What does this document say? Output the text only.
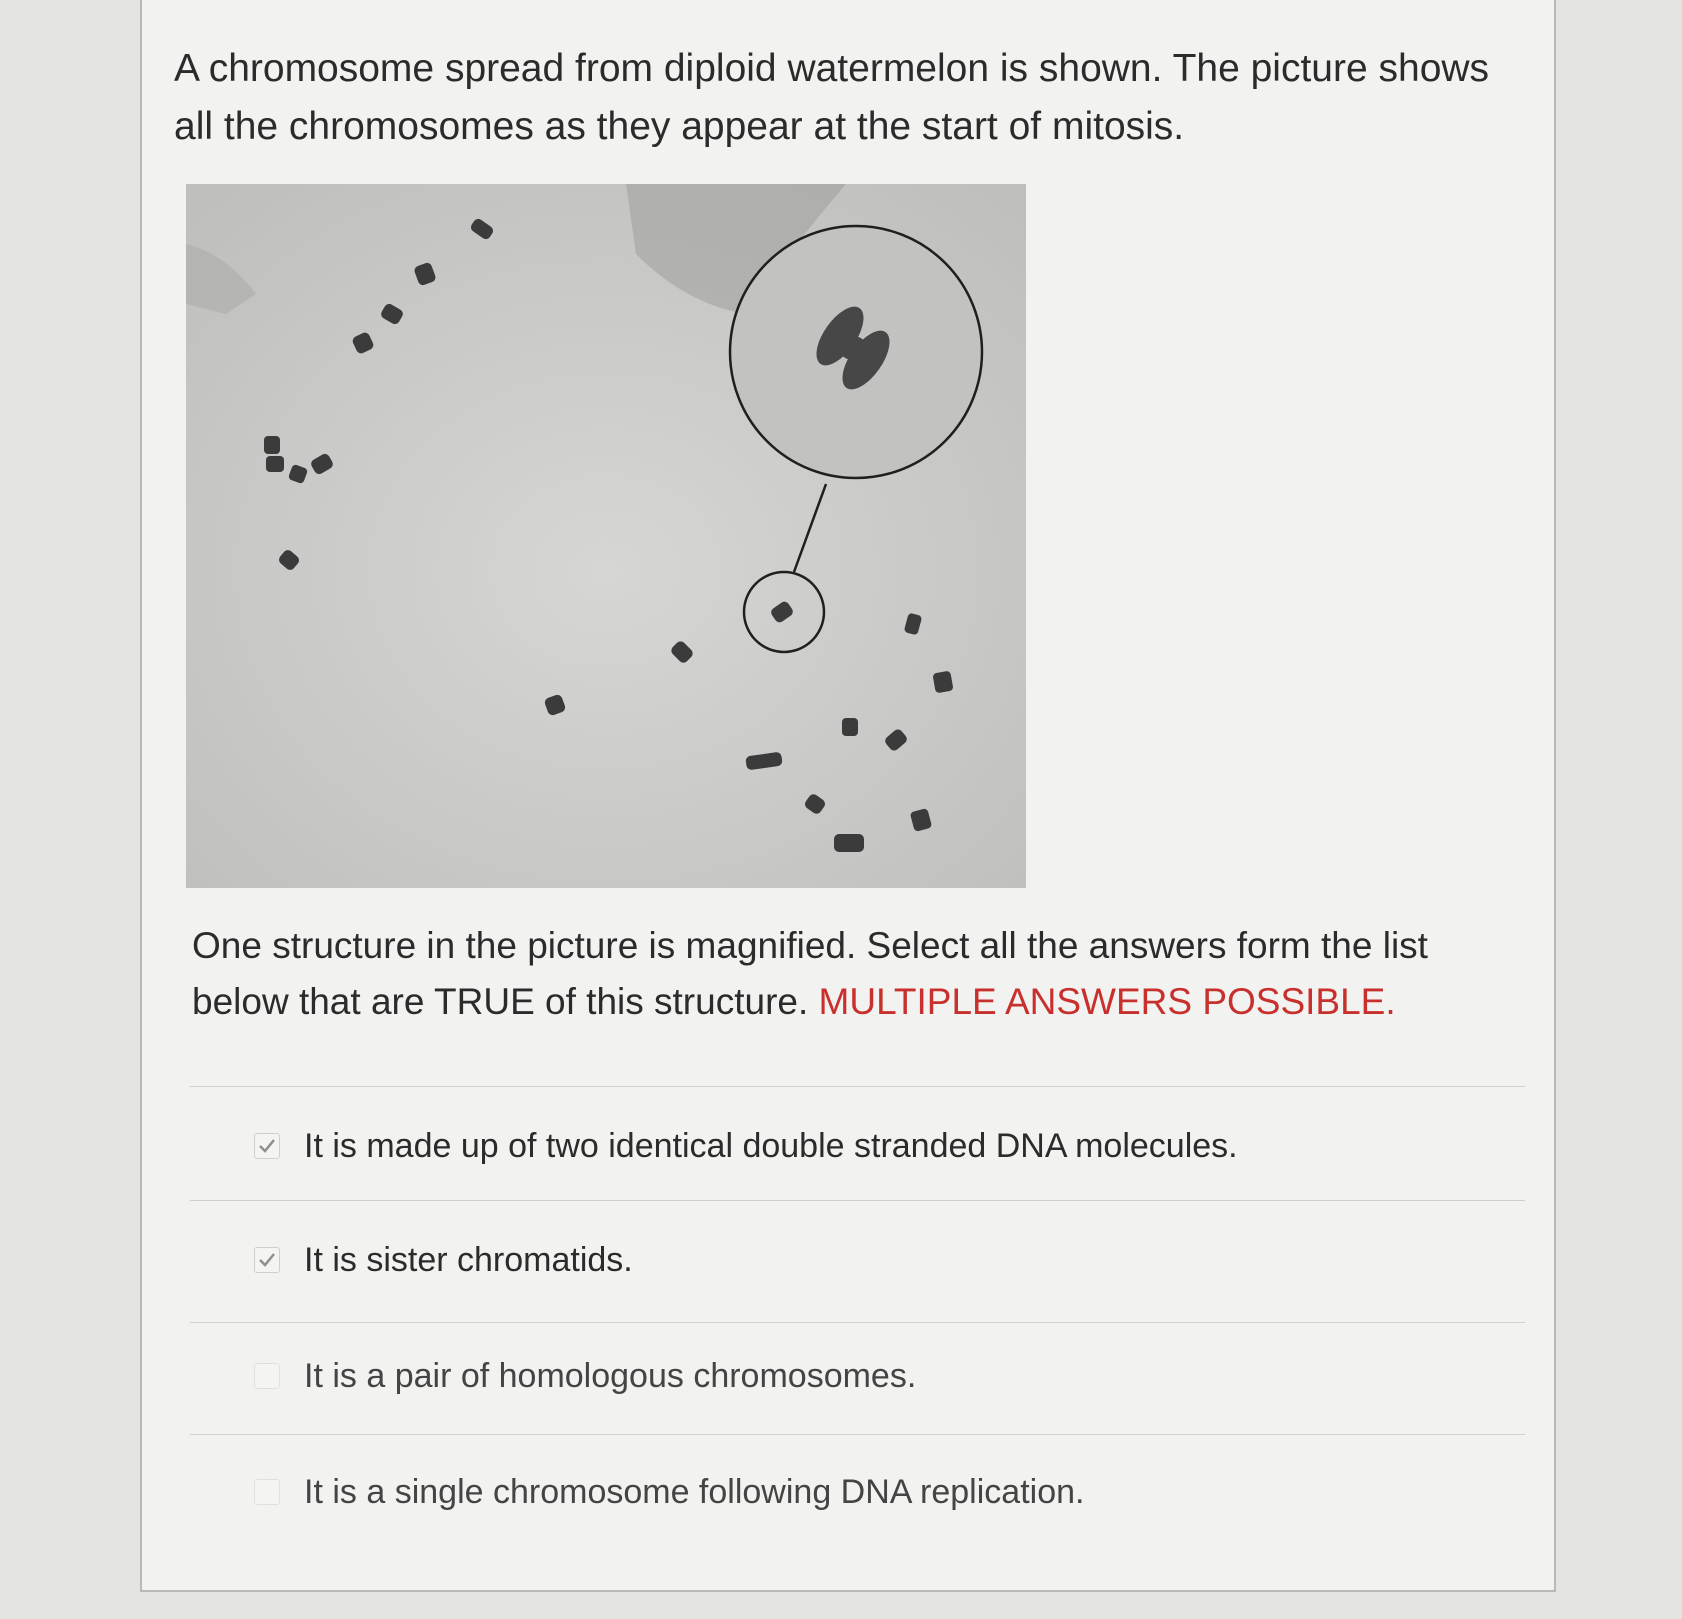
A chromosome spread from diploid watermelon is shown. The picture shows all the chromosomes as they appear at the start of mitosis.

One structure in the picture is magnified. Select all the answers form the list below that are TRUE of this structure. MULTIPLE ANSWERS POSSIBLE.

It is made up of two identical double stranded DNA molecules.
It is sister chromatids.
It is a pair of homologous chromosomes.
It is a single chromosome following DNA replication.
